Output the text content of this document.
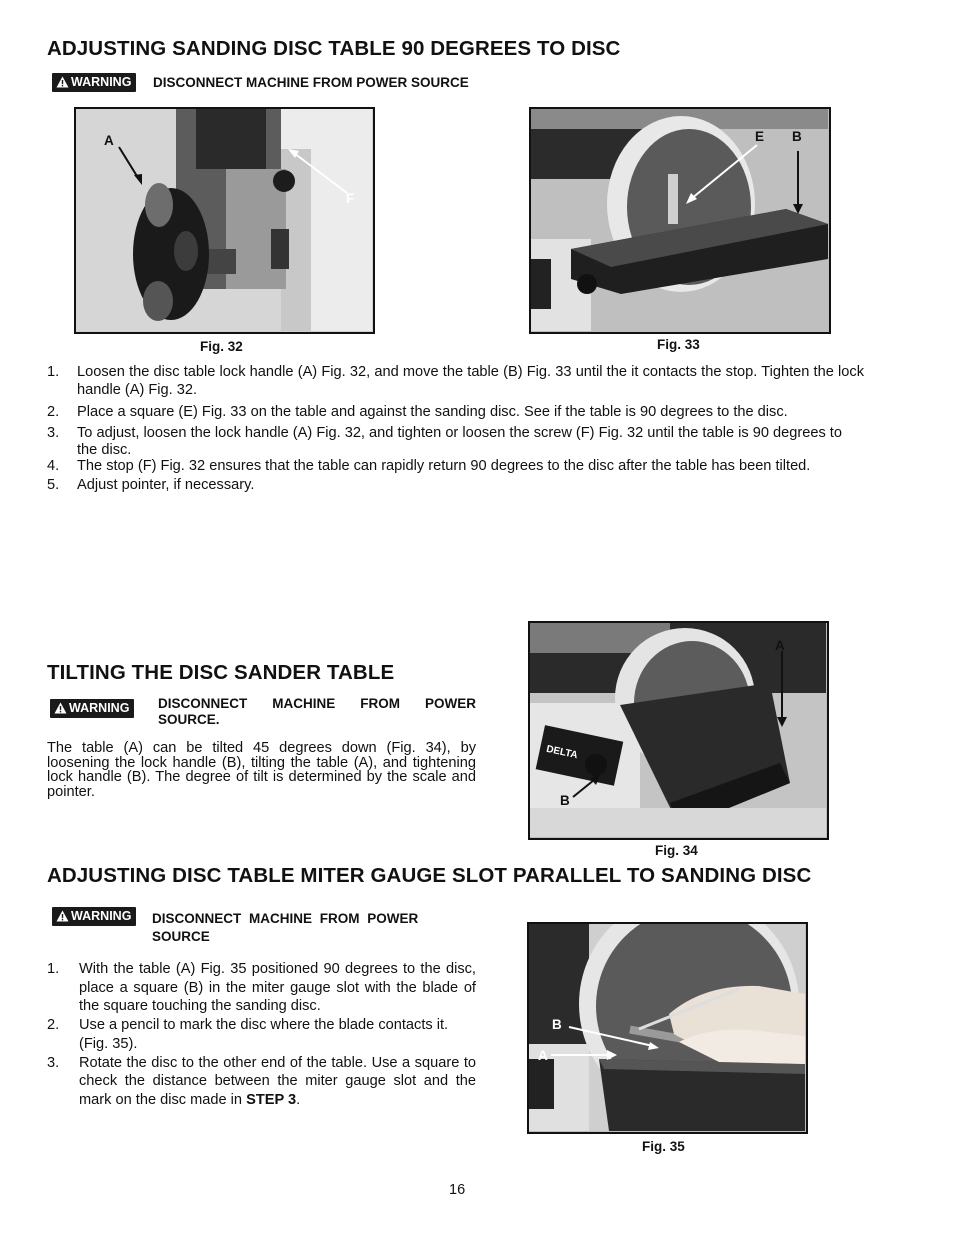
ADJUSTING SANDING DISC TABLE 90 DEGREES TO DISC
WARNING	DISCONNECT MACHINE FROM POWER SOURCE
A
F
Fig. 32
E B
Fig. 33
1. Loosen the disc table lock handle (A) Fig. 32, and move the table (B) Fig. 33 until the it contacts the stop. Tighten the lock handle (A) Fig. 32.
2. Place a square (E) Fig. 33 on the table and against the sanding disc. See if the table is 90 degrees to the disc.
3. To adjust, loosen the lock handle (A) Fig. 32, and tighten or loosen the screw (F) Fig. 32 until the table is 90 degrees to the disc.
4. The stop (F) Fig. 32 ensures that the table can rapidly return 90 degrees to the disc after the table has been tilted.
5. Adjust pointer, if necessary.
TILTING THE DISC SANDER TABLE
WARNING	DISCONNECT MACHINE FROM POWER SOURCE.
The table (A) can be tilted 45 degrees down (Fig. 34), by loosening the lock handle (B), tilting the table (A), and tightening lock handle (B). The degree of tilt is determined by the scale and pointer.
DELTA
A
B
Fig. 34
ADJUSTING DISC TABLE MITER GAUGE SLOT PARALLEL TO SANDING DISC
WARNING	DISCONNECT MACHINE FROM POWER SOURCE
1. With the table (A) Fig. 35 positioned 90 degrees to the disc, place a square (B) in the miter gauge slot with the blade of the square touching the sanding disc.
2. Use a pencil to mark the disc where the blade contacts it. (Fig. 35).
3. Rotate the disc to the other end of the table. Use a square to check the distance between the miter gauge slot and the mark on the disc made in STEP 3.
B
A
Fig. 35
16
